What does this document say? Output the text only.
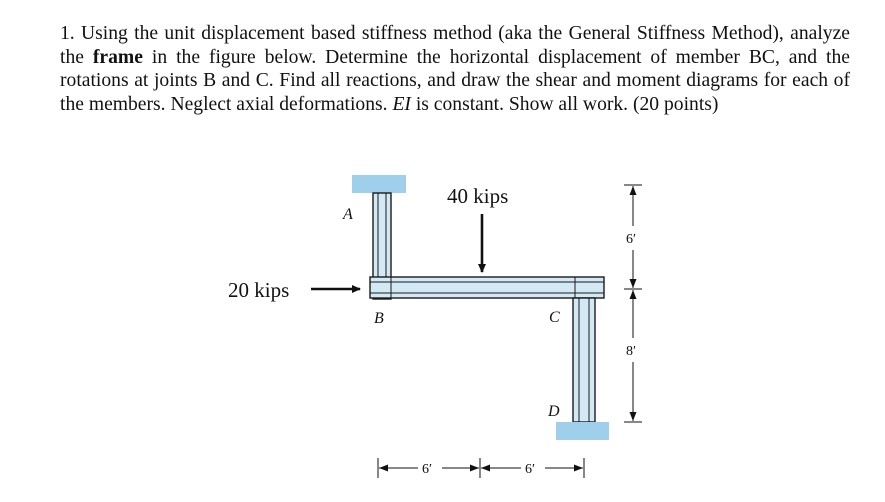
1. Using the unit displacement based stiffness method (aka the General Stiffness Method), analyze the frame in the figure below. Determine the horizontal displacement of member BC, and the rotations at joints B and C. Find all reactions, and draw the shear and moment diagrams for each of the members. Neglect axial deformations. EI is constant. Show all work. (20 points)

40 kips
20 kips
A
B	C
D
6′
8′
6′	6′
